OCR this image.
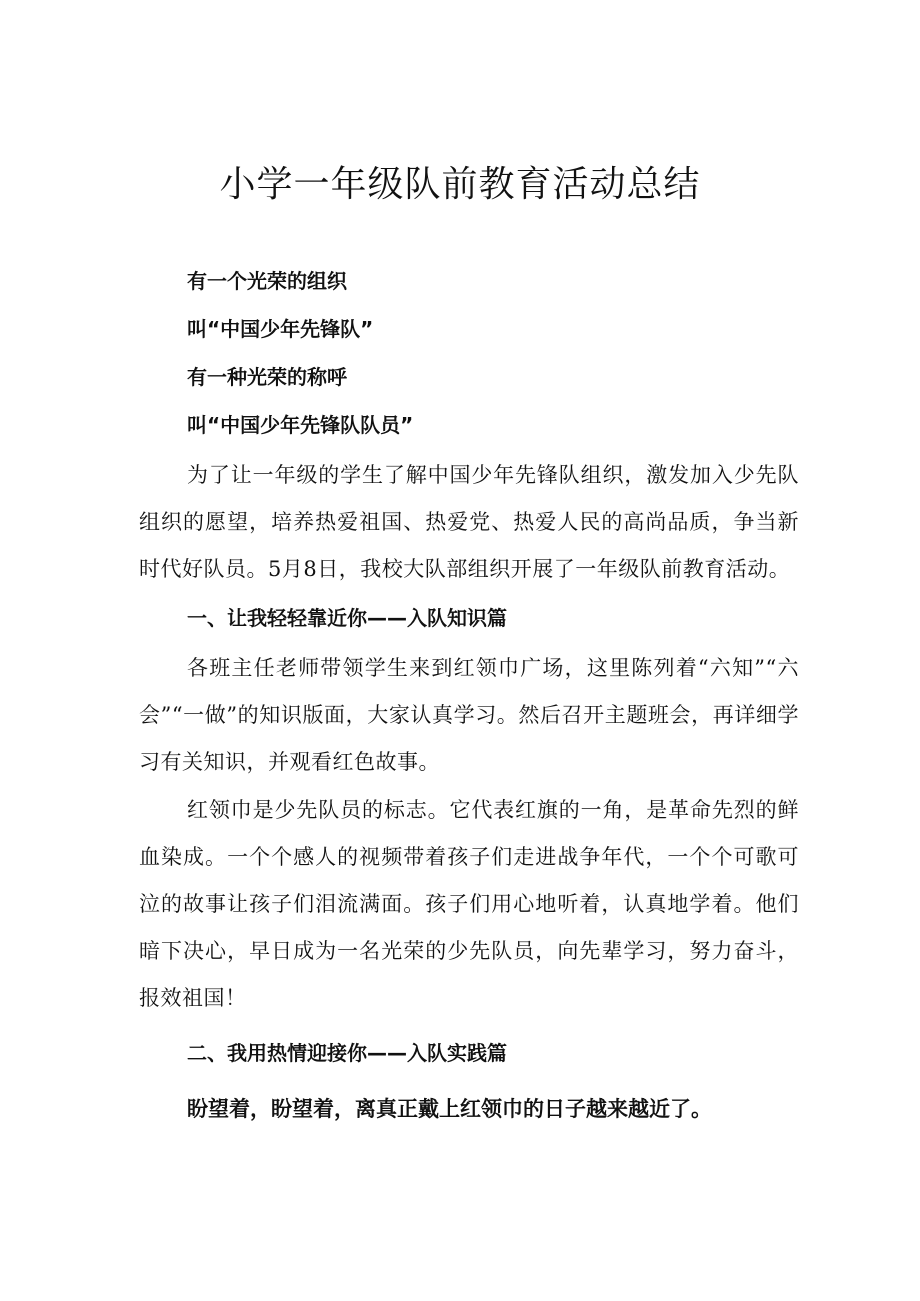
小学一年级队前教育活动总结

有一个光荣的组织

叫“中国少年先锋队”

有一种光荣的称呼

叫“中国少年先锋队队员”

为了让一年级的学生了解中国少年先锋队组织，激发加入少先队组织的愿望，培养热爱祖国、热爱党、热爱人民的高尚品质，争当新时代好队员。5月8日，我校大队部组织开展了一年级队前教育活动。

一、让我轻轻靠近你——入队知识篇

各班主任老师带领学生来到红领巾广场，这里陈列着“六知”“六会”“一做”的知识版面，大家认真学习。然后召开主题班会，再详细学习有关知识，并观看红色故事。

红领巾是少先队员的标志。它代表红旗的一角，是革命先烈的鲜血染成。一个个感人的视频带着孩子们走进战争年代，一个个可歌可泣的故事让孩子们泪流满面。孩子们用心地听着，认真地学着。他们暗下决心，早日成为一名光荣的少先队员，向先辈学习，努力奋斗，报效祖国！

二、我用热情迎接你——入队实践篇

盼望着，盼望着，离真正戴上红领巾的日子越来越近了。
